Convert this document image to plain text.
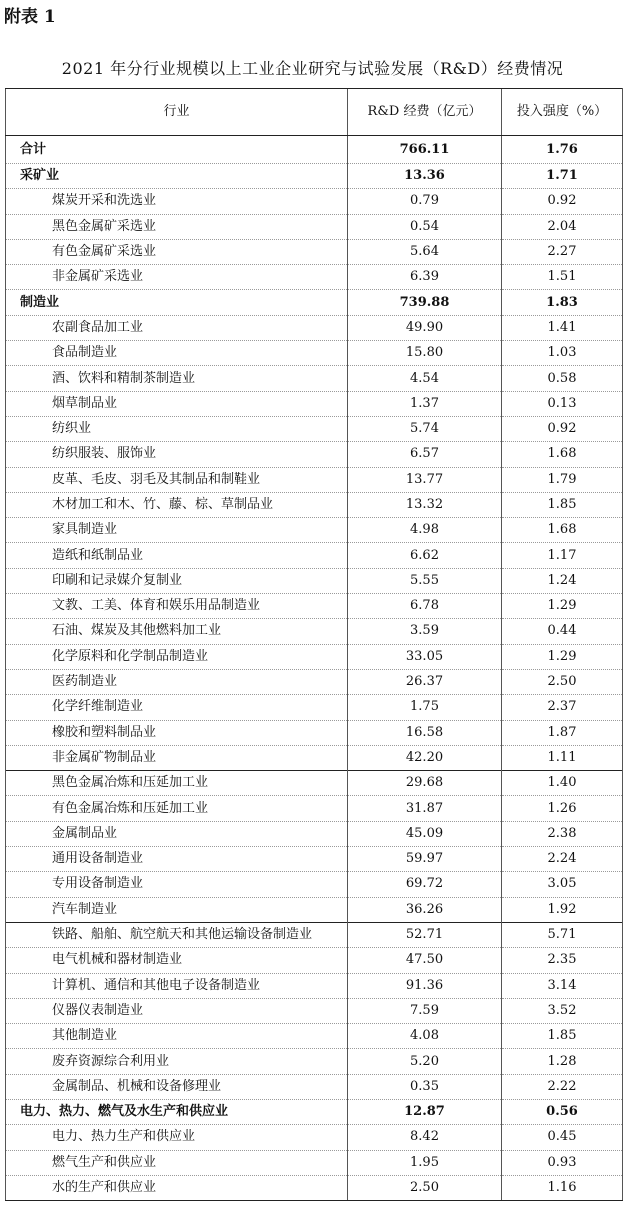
附表 1
2021 年分行业规模以上工业企业研究与试验发展（R&D）经费情况
行业	R&D 经费（亿元）	投入强度（%）
合计	766.11	1.76
采矿业	13.36	1.71
煤炭开采和洗选业	0.79	0.92
黑色金属矿采选业	0.54	2.04
有色金属矿采选业	5.64	2.27
非金属矿采选业	6.39	1.51
制造业	739.88	1.83
农副食品加工业	49.90	1.41
食品制造业	15.80	1.03
酒、饮料和精制茶制造业	4.54	0.58
烟草制品业	1.37	0.13
纺织业	5.74	0.92
纺织服装、服饰业	6.57	1.68
皮革、毛皮、羽毛及其制品和制鞋业	13.77	1.79
木材加工和木、竹、藤、棕、草制品业	13.32	1.85
家具制造业	4.98	1.68
造纸和纸制品业	6.62	1.17
印刷和记录媒介复制业	5.55	1.24
文教、工美、体育和娱乐用品制造业	6.78	1.29
石油、煤炭及其他燃料加工业	3.59	0.44
化学原料和化学制品制造业	33.05	1.29
医药制造业	26.37	2.50
化学纤维制造业	1.75	2.37
橡胶和塑料制品业	16.58	1.87
非金属矿物制品业	42.20	1.11
黑色金属冶炼和压延加工业	29.68	1.40
有色金属冶炼和压延加工业	31.87	1.26
金属制品业	45.09	2.38
通用设备制造业	59.97	2.24
专用设备制造业	69.72	3.05
汽车制造业	36.26	1.92
铁路、船舶、航空航天和其他运输设备制造业	52.71	5.71
电气机械和器材制造业	47.50	2.35
计算机、通信和其他电子设备制造业	91.36	3.14
仪器仪表制造业	7.59	3.52
其他制造业	4.08	1.85
废弃资源综合利用业	5.20	1.28
金属制品、机械和设备修理业	0.35	2.22
电力、热力、燃气及水生产和供应业	12.87	0.56
电力、热力生产和供应业	8.42	0.45
燃气生产和供应业	1.95	0.93
水的生产和供应业	2.50	1.16
